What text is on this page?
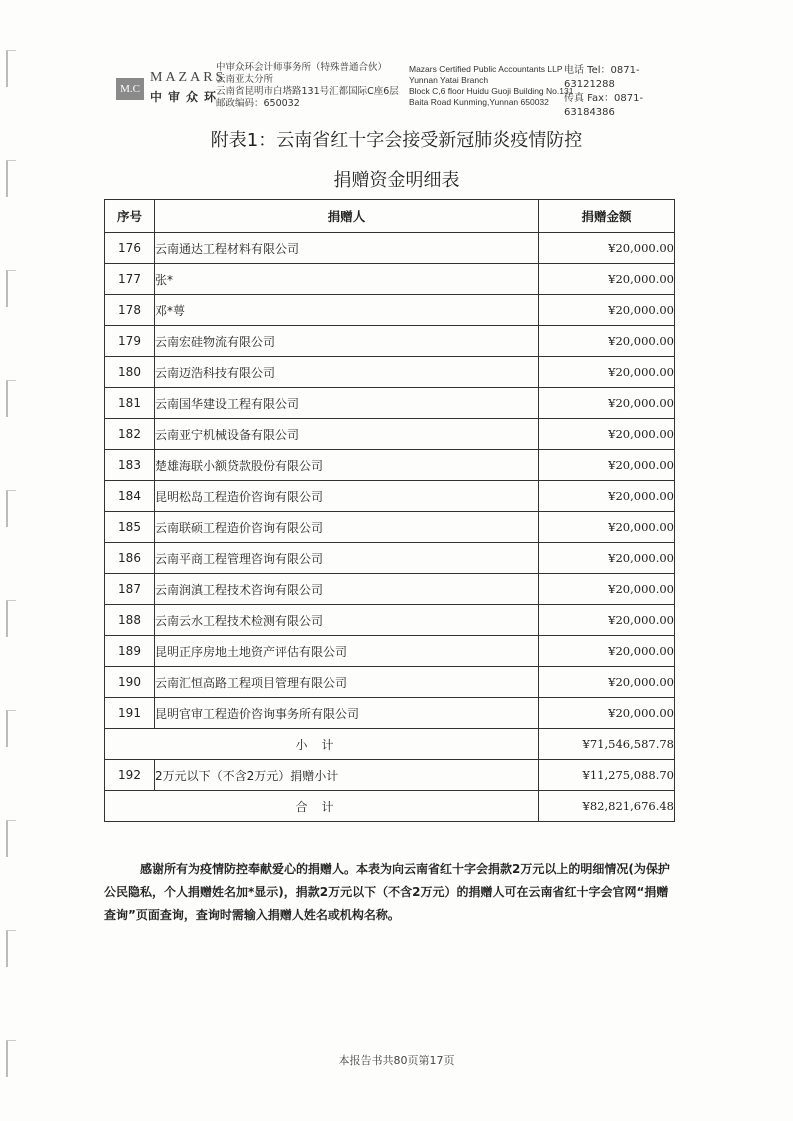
M.C
MAZARS
中审众环
中审众环会计师事务所（特殊普通合伙）
云南亚太分所
云南省昆明市白塔路131号汇都国际C座6层
邮政编码：650032
Mazars Certified Public Accountants LLP
Yunnan Yatai Branch
Block C,6 floor Huidu Guoji Building No.131
Baita Road Kunming,Yunnan 650032
电话 Tel：0871-63121288
传真 Fax：0871-63184386
附表1：云南省红十字会接受新冠肺炎疫情防控
捐赠资金明细表
序号	捐赠人	捐赠金额
176	云南通达工程材料有限公司	¥20,000.00
177	张*	¥20,000.00
178	邓*萼	¥20,000.00
179	云南宏硅物流有限公司	¥20,000.00
180	云南迈浩科技有限公司	¥20,000.00
181	云南国华建设工程有限公司	¥20,000.00
182	云南亚宁机械设备有限公司	¥20,000.00
183	楚雄海联小额贷款股份有限公司	¥20,000.00
184	昆明松岛工程造价咨询有限公司	¥20,000.00
185	云南联硕工程造价咨询有限公司	¥20,000.00
186	云南平商工程管理咨询有限公司	¥20,000.00
187	云南润滇工程技术咨询有限公司	¥20,000.00
188	云南云水工程技术检测有限公司	¥20,000.00
189	昆明正序房地土地资产评估有限公司	¥20,000.00
190	云南汇恒高路工程项目管理有限公司	¥20,000.00
191	昆明官审工程造价咨询事务所有限公司	¥20,000.00
小计		¥71,546,587.78
192	2万元以下（不含2万元）捐赠小计	¥11,275,088.70
合计		¥82,821,676.48
感谢所有为疫情防控奉献爱心的捐赠人。本表为向云南省红十字会捐款2万元以上的明细情况(为保护公民隐私，个人捐赠姓名加*显示)，捐款2万元以下（不含2万元）的捐赠人可在云南省红十字会官网“捐赠查询”页面查询，查询时需输入捐赠人姓名或机构名称。
本报告书共80页第17页
